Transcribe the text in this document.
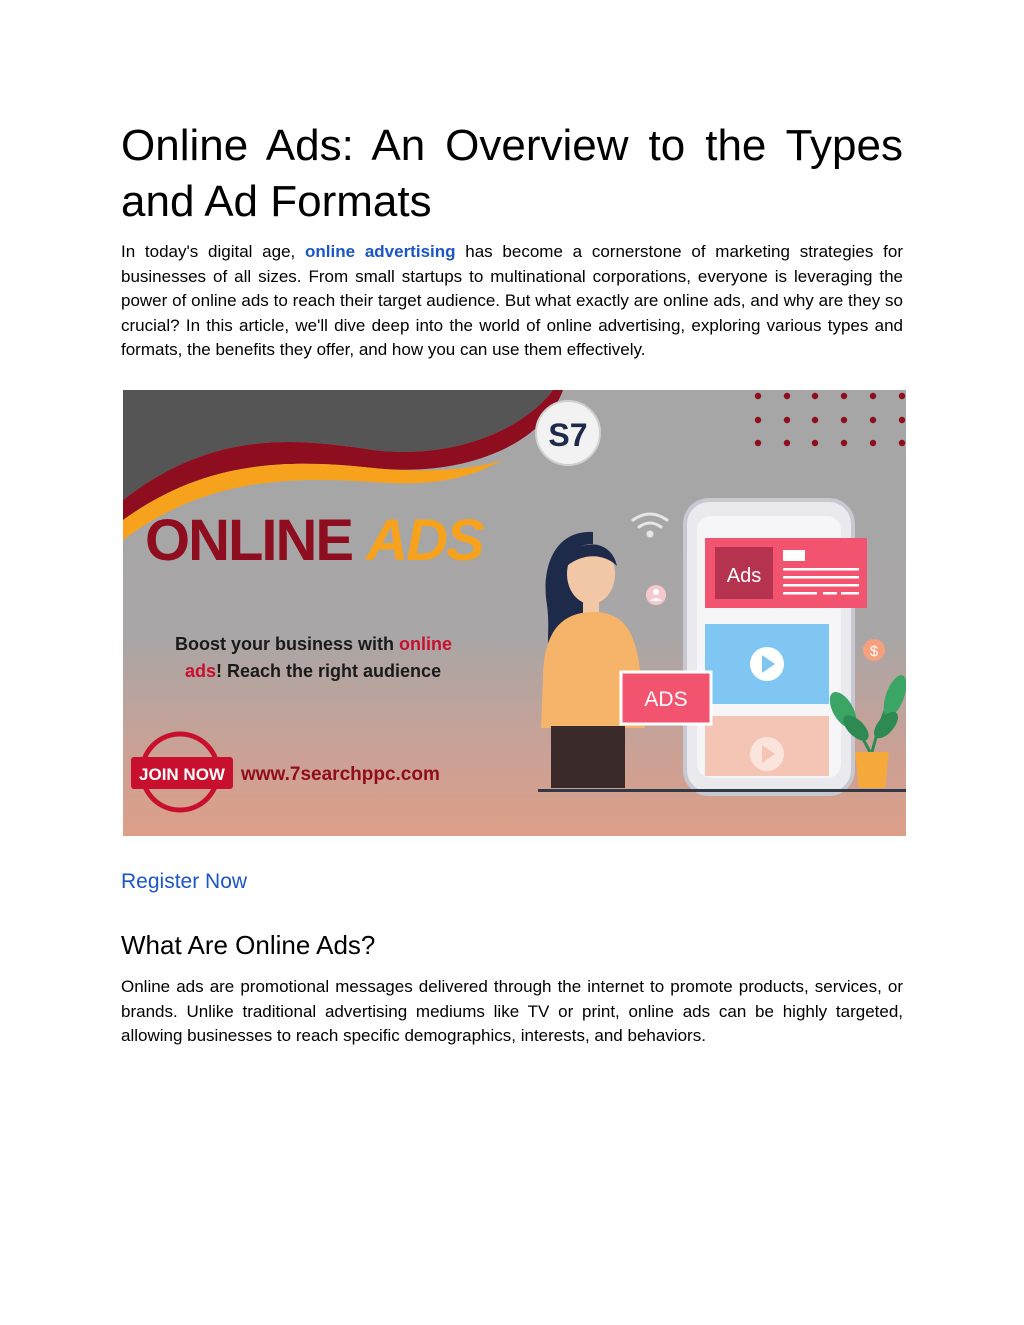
Online Ads: An Overview to the Types and Ad Formats

In today's digital age, online advertising has become a cornerstone of marketing strategies for businesses of all sizes. From small startups to multinational corporations, everyone is leveraging the power of online ads to reach their target audience. But what exactly are online ads, and why are they so crucial? In this article, we'll dive deep into the world of online advertising, exploring various types and formats, the benefits they offer, and how you can use them effectively.

S7
ONLINE ADS
Boost your business with online
ads! Reach the right audience
JOIN NOW www.7searchppc.com
Ads
$
ADS
Register Now
What Are Online Ads?

Online ads are promotional messages delivered through the internet to promote products, services, or brands. Unlike traditional advertising mediums like TV or print, online ads can be highly targeted, allowing businesses to reach specific demographics, interests, and behaviors.
